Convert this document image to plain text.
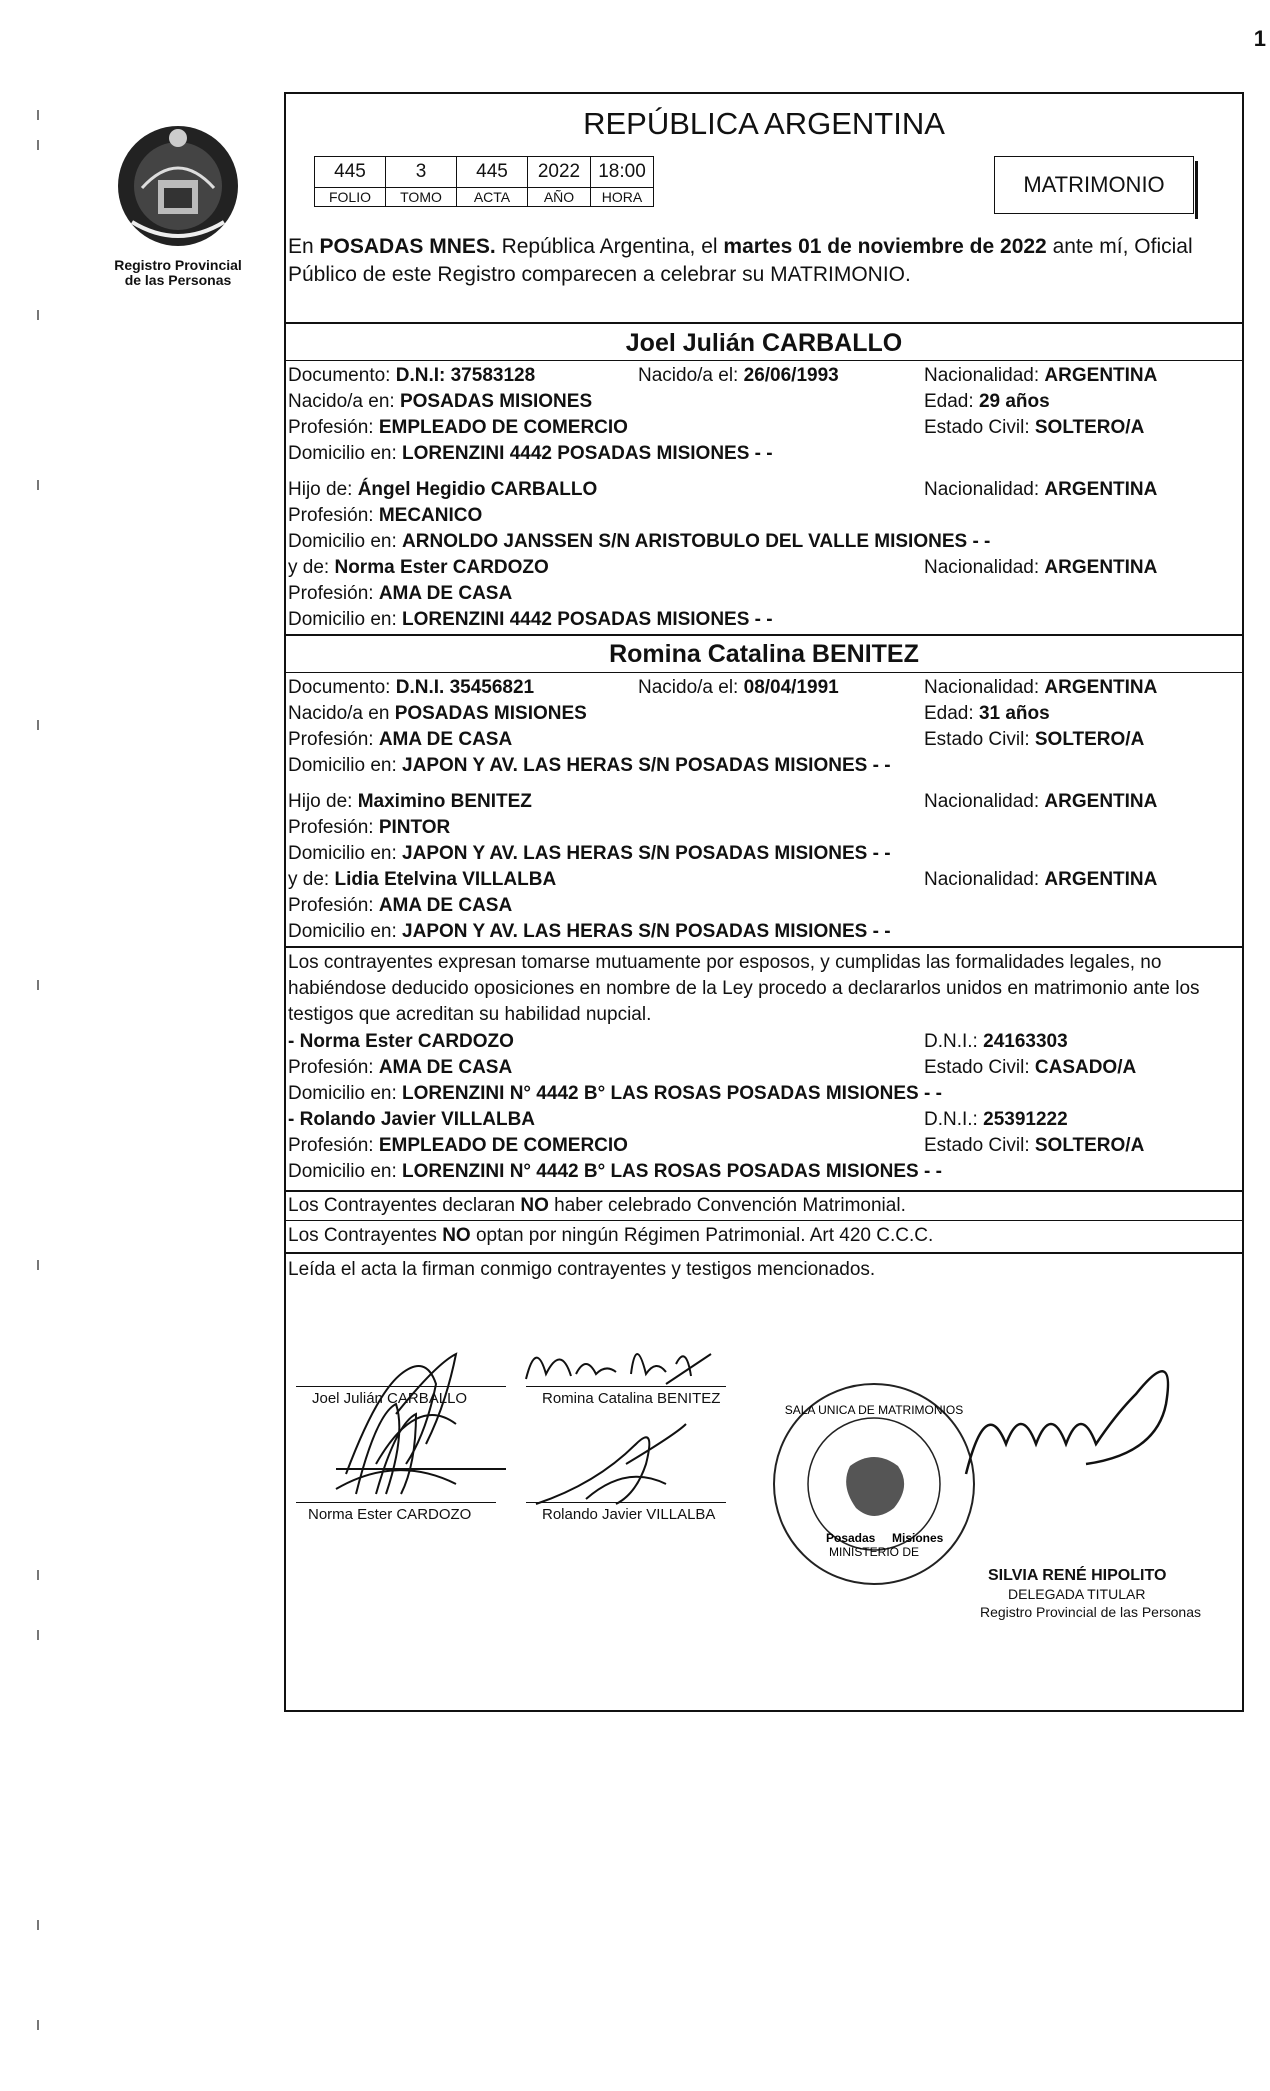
Registro Provincial
de las Personas
1
REPÚBLICA ARGENTINA
445	3	445	2022	18:00
FOLIO	TOMO	ACTA	AÑO	HORA	MATRIMONIO
En POSADAS MNES. República Argentina, el martes 01 de noviembre de 2022 ante mí, Oficial Público de este Registro comparecen a celebrar su MATRIMONIO.
Joel Julián CARBALLO
Documento: D.N.I: 37583128	Nacido/a el: 26/06/1993	Nacionalidad: ARGENTINA
Nacido/a en: POSADAS MISIONES	Edad: 29 años
Profesión: EMPLEADO DE COMERCIO	Estado Civil: SOLTERO/A
Domicilio en: LORENZINI 4442 POSADAS MISIONES - -
Hijo de: Ángel Hegidio CARBALLO	Nacionalidad: ARGENTINA
Profesión: MECANICO
Domicilio en: ARNOLDO JANSSEN S/N ARISTOBULO DEL VALLE MISIONES - -
y de: Norma Ester CARDOZO	Nacionalidad: ARGENTINA
Profesión: AMA DE CASA
Domicilio en: LORENZINI 4442 POSADAS MISIONES - -
Romina Catalina BENITEZ
Documento: D.N.I. 35456821	Nacido/a el: 08/04/1991	Nacionalidad: ARGENTINA
Nacido/a en POSADAS MISIONES	Edad: 31 años
Profesión: AMA DE CASA	Estado Civil: SOLTERO/A
Domicilio en: JAPON Y AV. LAS HERAS S/N POSADAS MISIONES - -
Hijo de: Maximino BENITEZ	Nacionalidad: ARGENTINA
Profesión: PINTOR
Domicilio en: JAPON Y AV. LAS HERAS S/N POSADAS MISIONES - -
y de: Lidia Etelvina VILLALBA	Nacionalidad: ARGENTINA
Profesión: AMA DE CASA
Domicilio en: JAPON Y AV. LAS HERAS S/N POSADAS MISIONES - -
Los contrayentes expresan tomarse mutuamente por esposos, y cumplidas las formalidades legales, no habiéndose deducido oposiciones en nombre de la Ley procedo a declararlos unidos en matrimonio ante los testigos que acreditan su habilidad nupcial.
- Norma Ester CARDOZO	D.N.I.: 24163303
Profesión: AMA DE CASA	Estado Civil: CASADO/A
Domicilio en: LORENZINI N° 4442 B° LAS ROSAS POSADAS MISIONES - -
- Rolando Javier VILLALBA	D.N.I.: 25391222
Profesión: EMPLEADO DE COMERCIO	Estado Civil: SOLTERO/A
Domicilio en: LORENZINI N° 4442 B° LAS ROSAS POSADAS MISIONES - -
Los Contrayentes declaran NO haber celebrado Convención Matrimonial.
Los Contrayentes NO optan por ningún Régimen Patrimonial. Art 420 C.C.C.
Leída el acta la firman conmigo contrayentes y testigos mencionados.
Joel Julián CARBALLO	Romina Catalina BENITEZ
Norma Ester CARDOZO	Rolando Javier VILLALBA
SALA UNICA DE MATRIMONIOS
MINISTERIO DE
Posadas Misiones
SILVIA RENÉ HIPOLITO
DELEGADA TITULAR
Registro Provincial de las Personas
